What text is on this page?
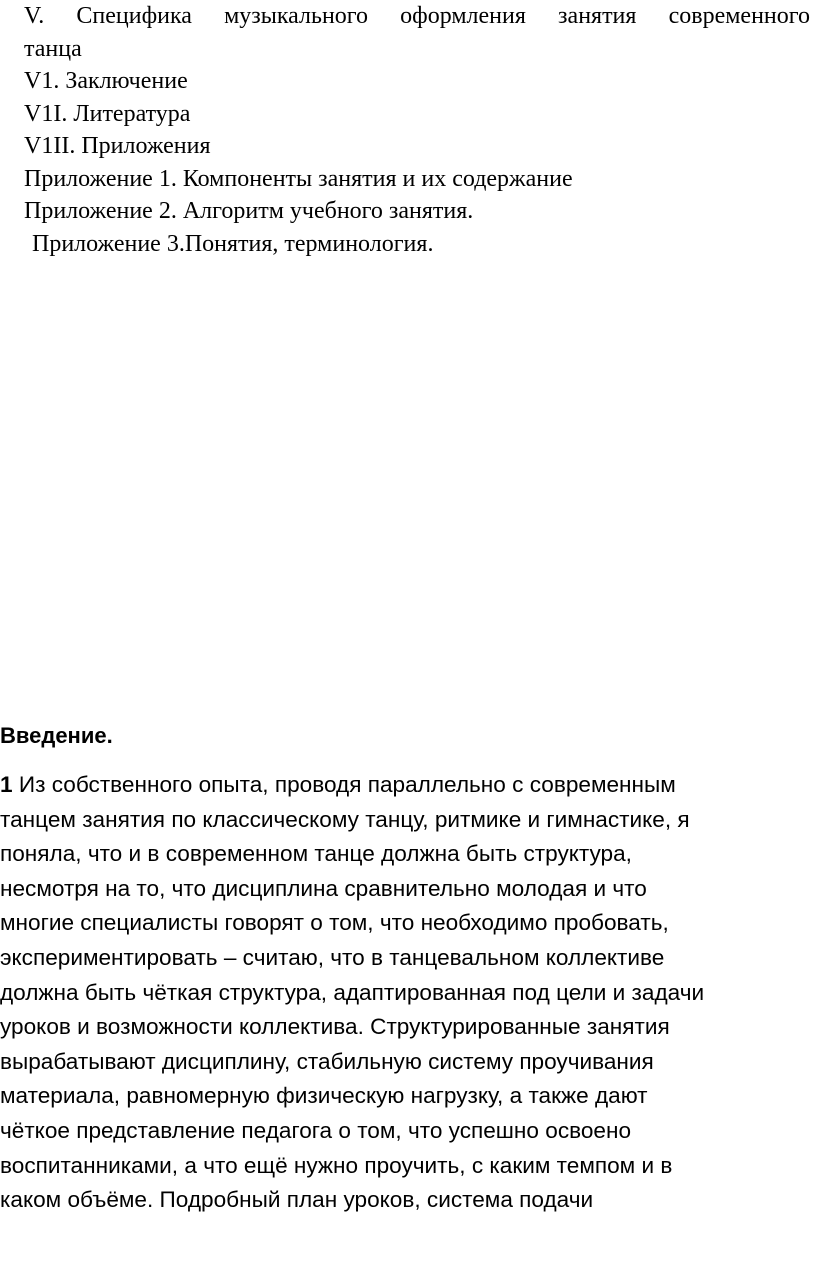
V. Специфика музыкального оформления занятия современного
танца
V1. Заключение
V1I. Литература
V1II. Приложения
Приложение 1. Компоненты занятия и их содержание
Приложение 2. Алгоритм учебного занятия.
Приложение 3.Понятия, терминология.
Введение.
1 Из собственного опыта, проводя параллельно с современным
танцем занятия по классическому танцу, ритмике и гимнастике, я
поняла, что и в современном танце должна быть структура,
несмотря на то, что дисциплина сравнительно молодая и что
многие специалисты говорят о том, что необходимо пробовать,
экспериментировать – считаю, что в танцевальном коллективе
должна быть чёткая структура, адаптированная под цели и задачи
уроков и возможности коллектива. Структурированные занятия
вырабатывают дисциплину, стабильную систему проучивания
материала, равномерную физическую нагрузку, а также дают
чёткое представление педагога о том, что успешно освоено
воспитанниками, а что ещё нужно проучить, с каким темпом и в
каком объёме. Подробный план уроков, система подачи
